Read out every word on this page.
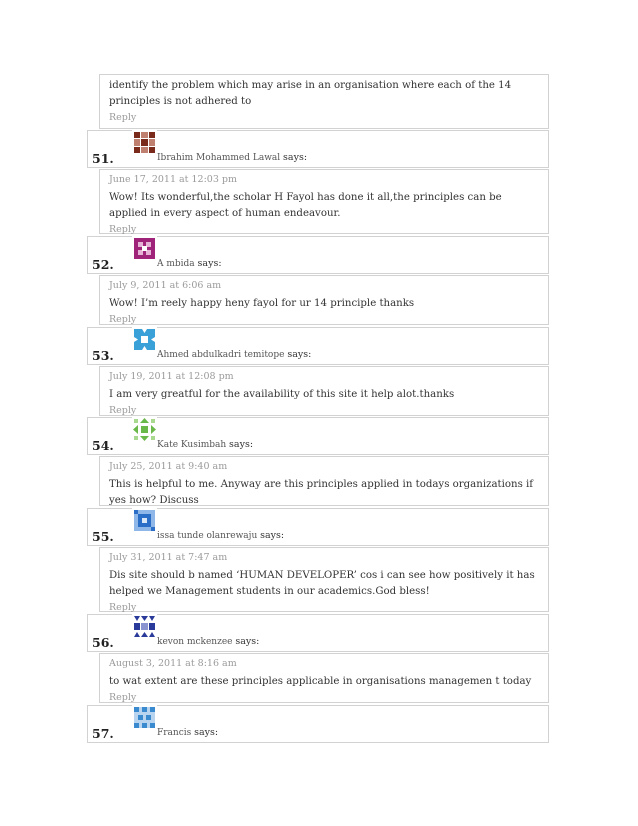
identify the problem which may arise in an organisation where each of the 14 principles is not adhered to

Reply

51.	Ibrahim Mohammed Lawal says:

June 17, 2011 at 12:03 pm

Wow! Its wonderful,the scholar H Fayol has done it all,the principles can be applied in every aspect of human endeavour.

Reply

52.	A mbida says:

July 9, 2011 at 6:06 am

Wow! I’m reely happy heny fayol for ur 14 principle thanks

Reply

53.	Ahmed abdulkadri temitope says:

July 19, 2011 at 12:08 pm

I am very greatful for the availability of this site it help alot.thanks

Reply

54.	Kate Kusimbah says:

July 25, 2011 at 9:40 am

This is helpful to me. Anyway are this principles applied in todays organizations if yes how? Discuss

55.	issa tunde olanrewaju says:

July 31, 2011 at 7:47 am

Dis site should b named ‘HUMAN DEVELOPER’ cos i can see how positively it has helped we Management students in our academics.God bless!

Reply

56.	kevon mckenzee says:

August 3, 2011 at 8:16 am

to wat extent are these principles applicable in organisations managemen t today

Reply

57.	Francis says:
